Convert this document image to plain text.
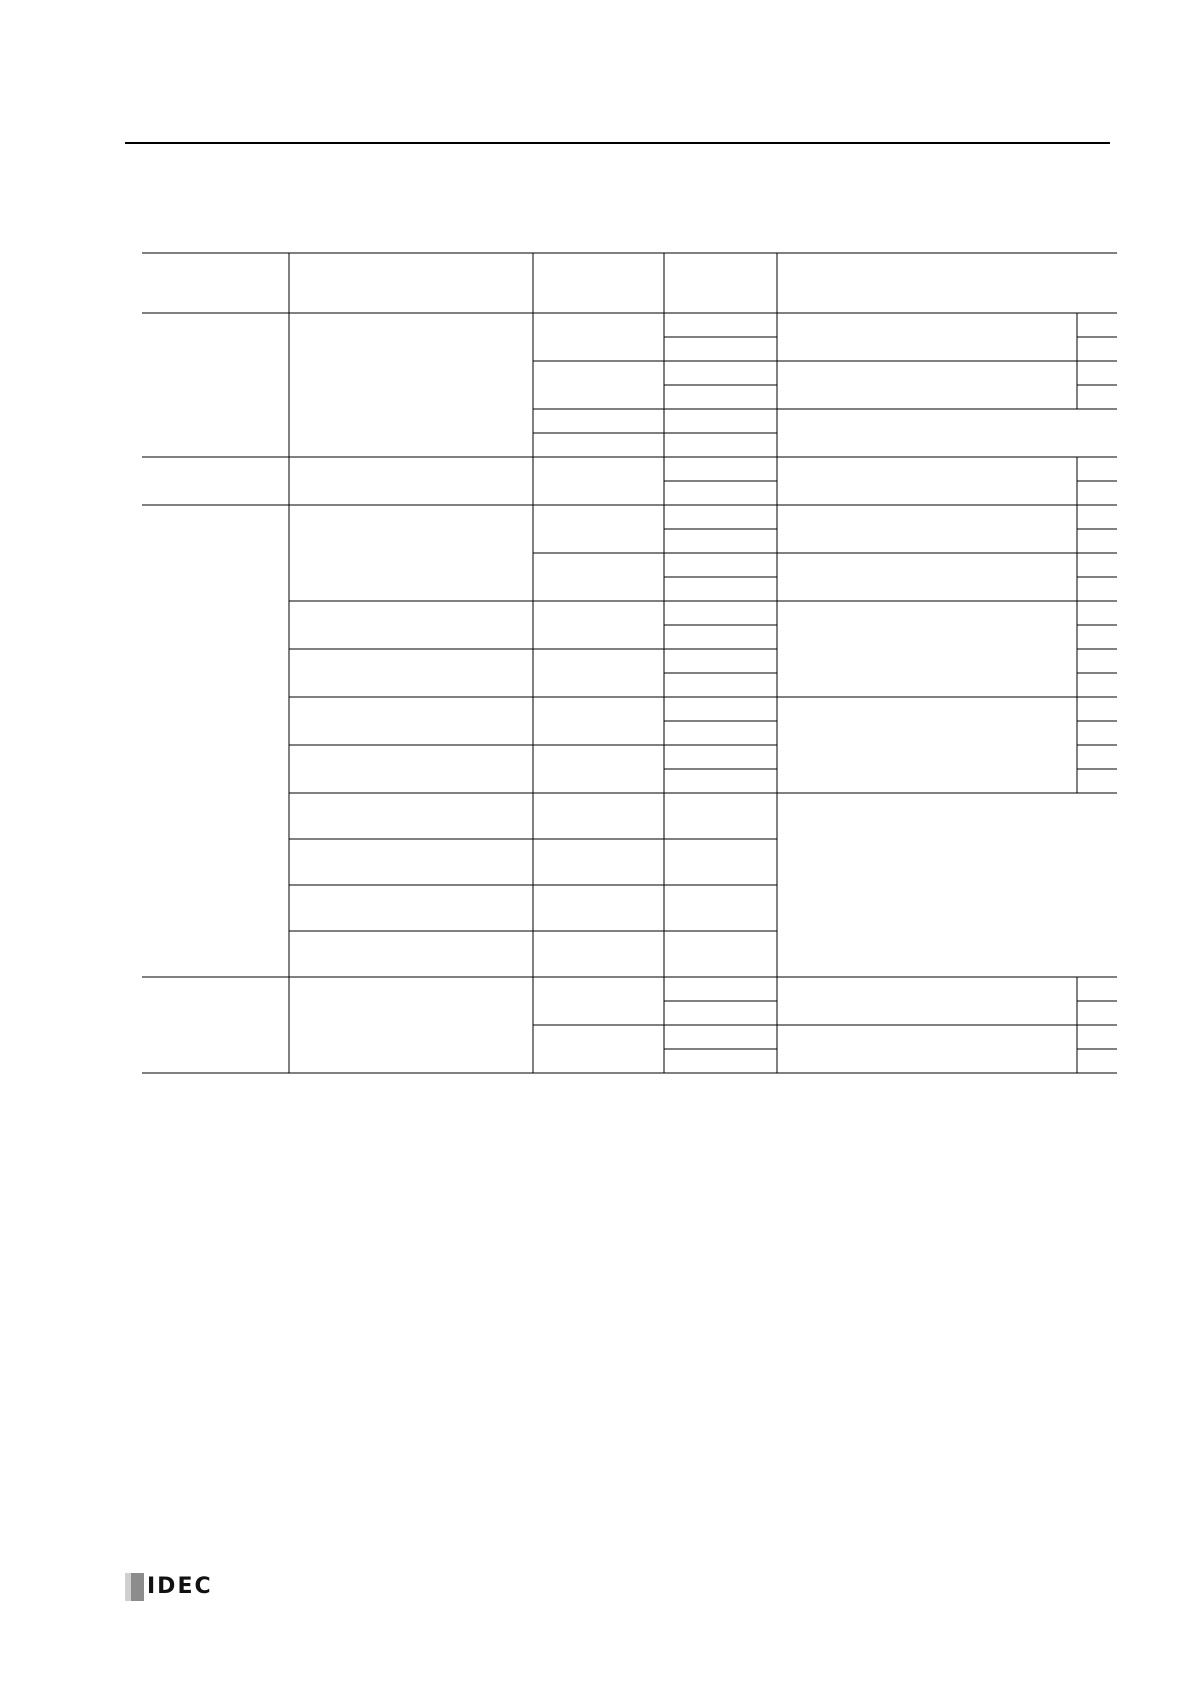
IDEC
